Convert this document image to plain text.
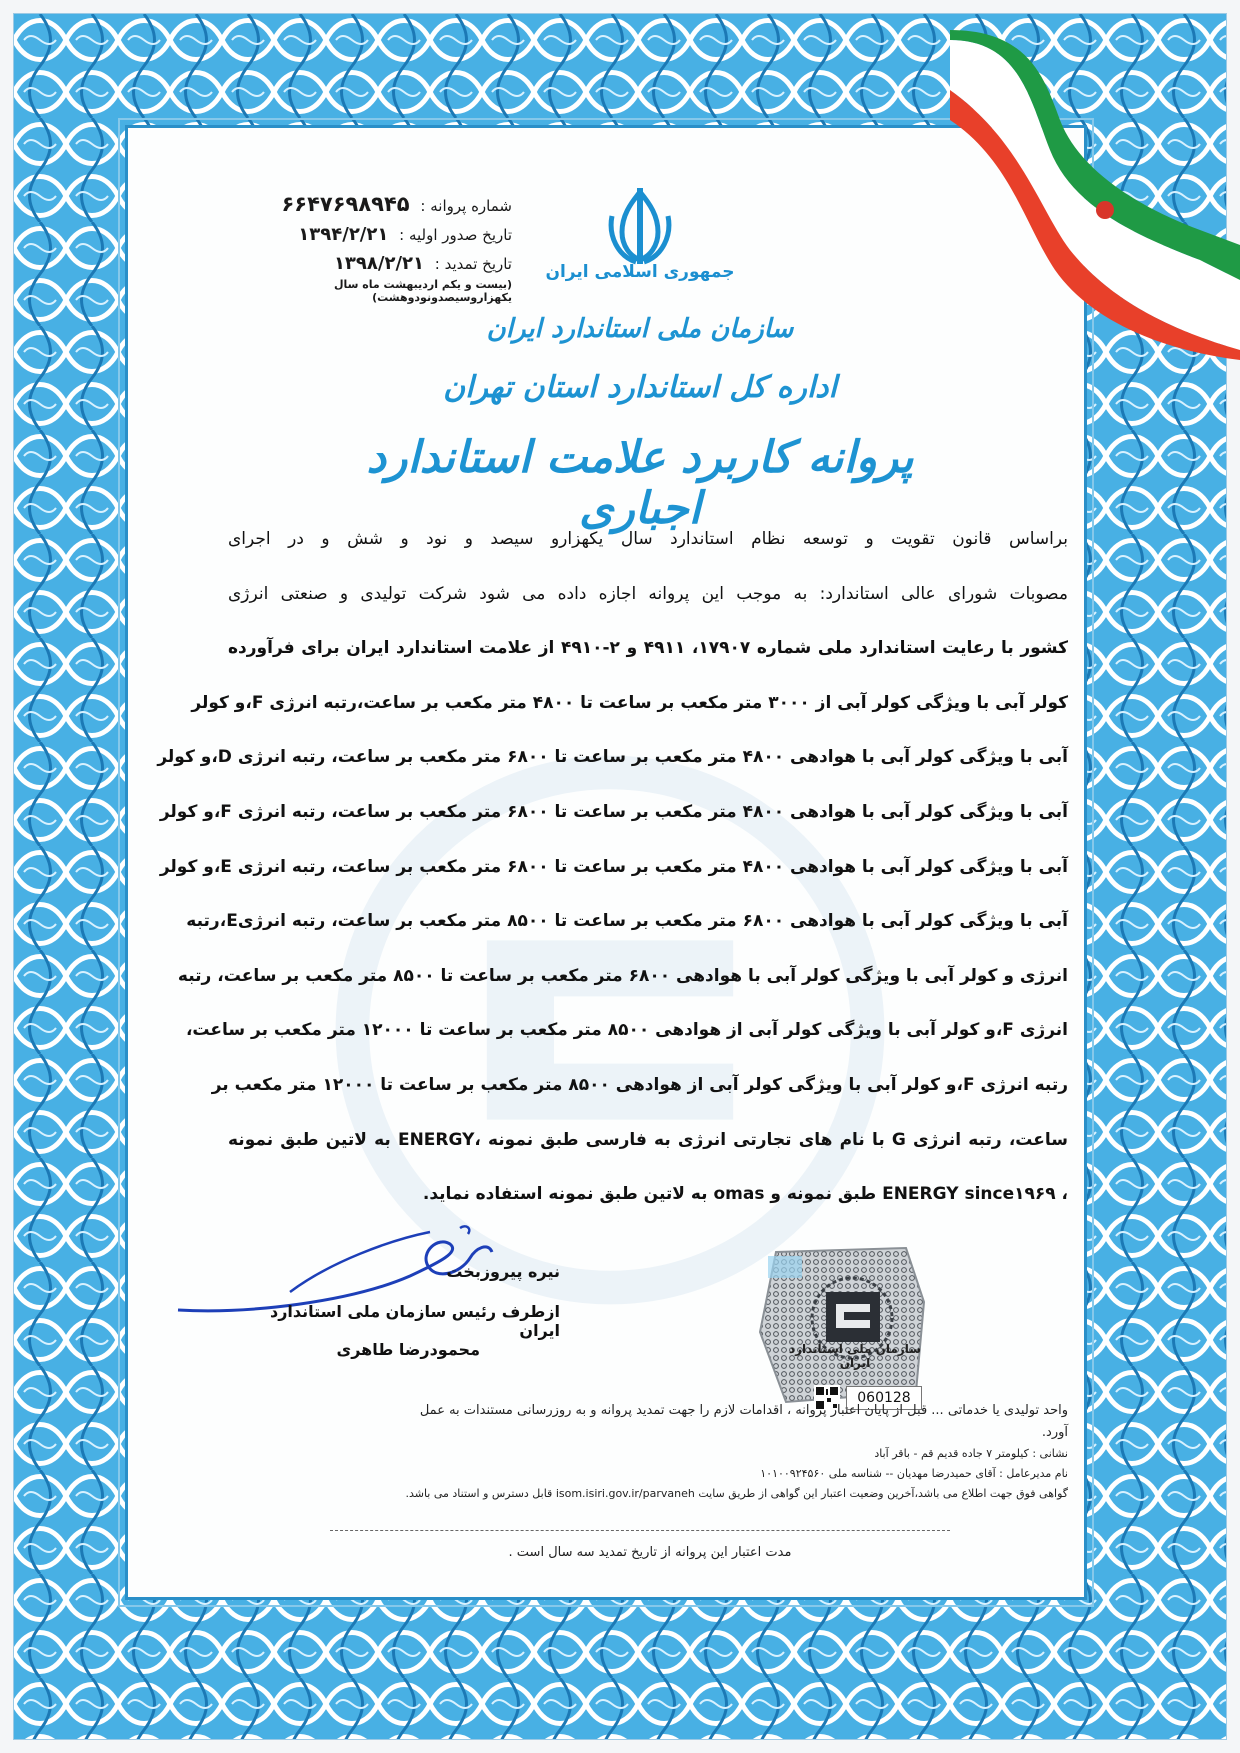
شماره پروانه : ۶۶۴۷۶۹۸۹۴۵
تاریخ صدور اولیه : ۱۳۹۴/۲/۲۱
تاریخ تمدید : ۱۳۹۸/۲/۲۱
(بیست و یکم اردیبهشت ماه سال یکهزاروسیصدونودوهشت)
جمهوری اسلامی ایران
سازمان ملی استاندارد ایران
اداره کل استاندارد استان تهران
پروانه کاربرد علامت استاندارد اجباری
براساس قانون تقویت و توسعه نظام استاندارد سال یکهزارو سیصد و نود و شش و در اجرای
مصوبات شورای عالی استاندارد: به موجب این پروانه اجازه داده می شود شرکت تولیدی و صنعتی انرژی
کشور با رعایت استاندارد ملی شماره ۱۷۹۰۷، ۴۹۱۱ و ۲-۴۹۱۰ از علامت استاندارد ایران برای فرآورده
کولر آبی با ویژگی کولر آبی از ۳۰۰۰ متر مکعب بر ساعت تا ۴۸۰۰ متر مکعب بر ساعت،رتبه انرژی F،و کولر
آبی با ویژگی کولر آبی با هوادهی ۴۸۰۰ متر مکعب بر ساعت تا ۶۸۰۰ متر مکعب بر ساعت، رتبه انرژی D،و کولر
آبی با ویژگی کولر آبی با هوادهی ۴۸۰۰ متر مکعب بر ساعت تا ۶۸۰۰ متر مکعب بر ساعت، رتبه انرژی F،و کولر
آبی با ویژگی کولر آبی با هوادهی ۴۸۰۰ متر مکعب بر ساعت تا ۶۸۰۰ متر مکعب بر ساعت، رتبه انرژی E،و کولر
آبی با ویژگی کولر آبی با هوادهی ۶۸۰۰ متر مکعب بر ساعت تا ۸۵۰۰ متر مکعب بر ساعت، رتبه انرژیE،رتبه
انرژی و کولر آبی با ویژگی کولر آبی با هوادهی ۶۸۰۰ متر مکعب بر ساعت تا ۸۵۰۰ متر مکعب بر ساعت، رتبه
انرژی F،و کولر آبی با ویژگی کولر آبی از هوادهی ۸۵۰۰ متر مکعب بر ساعت تا ۱۲۰۰۰ متر مکعب بر ساعت،
رتبه انرژی F،و کولر آبی با ویژگی کولر آبی از هوادهی ۸۵۰۰ متر مکعب بر ساعت تا ۱۲۰۰۰ متر مکعب بر
ساعت، رتبه انرژی G با نام های تجارتی انرژی به فارسی طبق نمونه ،ENERGY به لاتین طبق نمونه
، ENERGY since۱۹۶۹ طبق نمونه و omas به لاتین طبق نمونه استفاده نماید.
نیره پیروزبخت
ازطرف رئیس سازمان ملی استاندارد ایران
محمودرضا طاهری	سازمان ملی استاندارد ایران
060128
واحد تولیدی یا خدماتی ... قبل از پایان اعتبار پروانه ، اقدامات لازم را جهت تمدید پروانه و به روزرسانی مستندات به عمل
آورد.
نشانی : کیلومتر ۷ جاده قدیم قم - باقر آباد
نام مدیرعامل : آقای حمیدرضا مهدیان -- شناسه ملی ۱۰۱۰۰۹۲۴۵۶۰
گواهی فوق جهت اطلاع می باشد،آخرین وضعیت اعتبار این گواهی از طریق سایت isom.isiri.gov.ir/parvaneh قابل دسترس و استناد می باشد.
مدت اعتبار این پروانه از تاریخ تمدید سه سال است .
